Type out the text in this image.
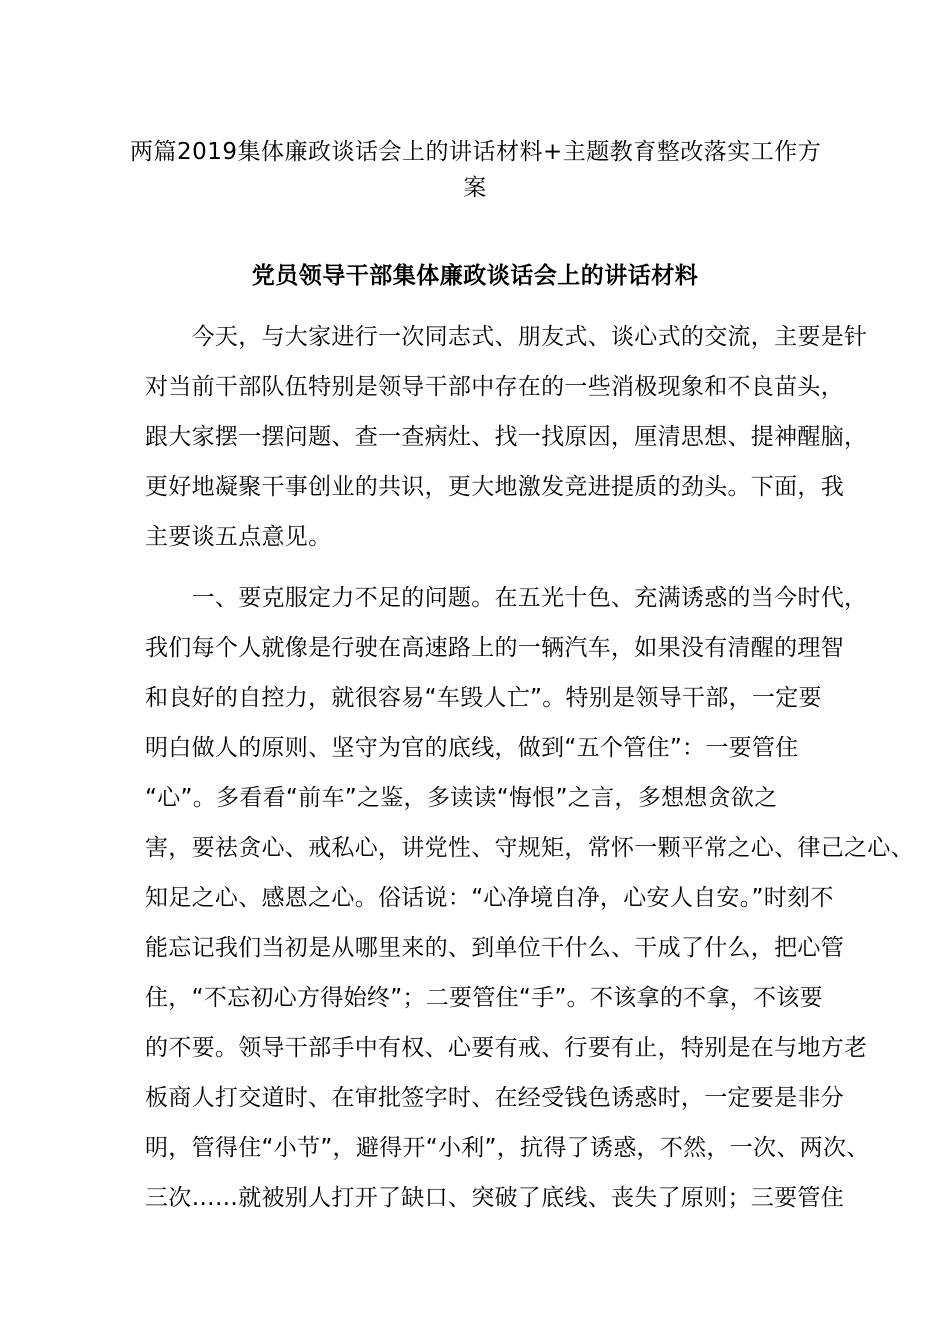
两篇2019集体廉政谈话会上的讲话材料+主题教育整改落实工作方
案
党员领导干部集体廉政谈话会上的讲话材料
　　今天，与大家进行一次同志式、朋友式、谈心式的交流，主要是针
对当前干部队伍特别是领导干部中存在的一些消极现象和不良苗头，
跟大家摆一摆问题、查一查病灶、找一找原因，厘清思想、提神醒脑，
更好地凝聚干事创业的共识，更大地激发竞进提质的劲头。下面，我
主要谈五点意见。
　　一、要克服定力不足的问题。在五光十色、充满诱惑的当今时代，
我们每个人就像是行驶在高速路上的一辆汽车，如果没有清醒的理智
和良好的自控力，就很容易“车毁人亡”。特别是领导干部，一定要
明白做人的原则、坚守为官的底线，做到“五个管住”：一要管住
“心”。多看看“前车”之鉴，多读读“悔恨”之言，多想想贪欲之
害，要祛贪心、戒私心，讲党性、守规矩，常怀一颗平常之心、律己之心、
知足之心、感恩之心。俗话说：“心净境自净，心安人自安。”时刻不
能忘记我们当初是从哪里来的、到单位干什么、干成了什么，把心管
住，“不忘初心方得始终”；二要管住“手”。不该拿的不拿，不该要
的不要。领导干部手中有权、心要有戒、行要有止，特别是在与地方老
板商人打交道时、在审批签字时、在经受钱色诱惑时，一定要是非分
明，管得住“小节”，避得开“小利”，抗得了诱惑，不然，一次、两次、
三次……就被别人打开了缺口、突破了底线、丧失了原则；三要管住
